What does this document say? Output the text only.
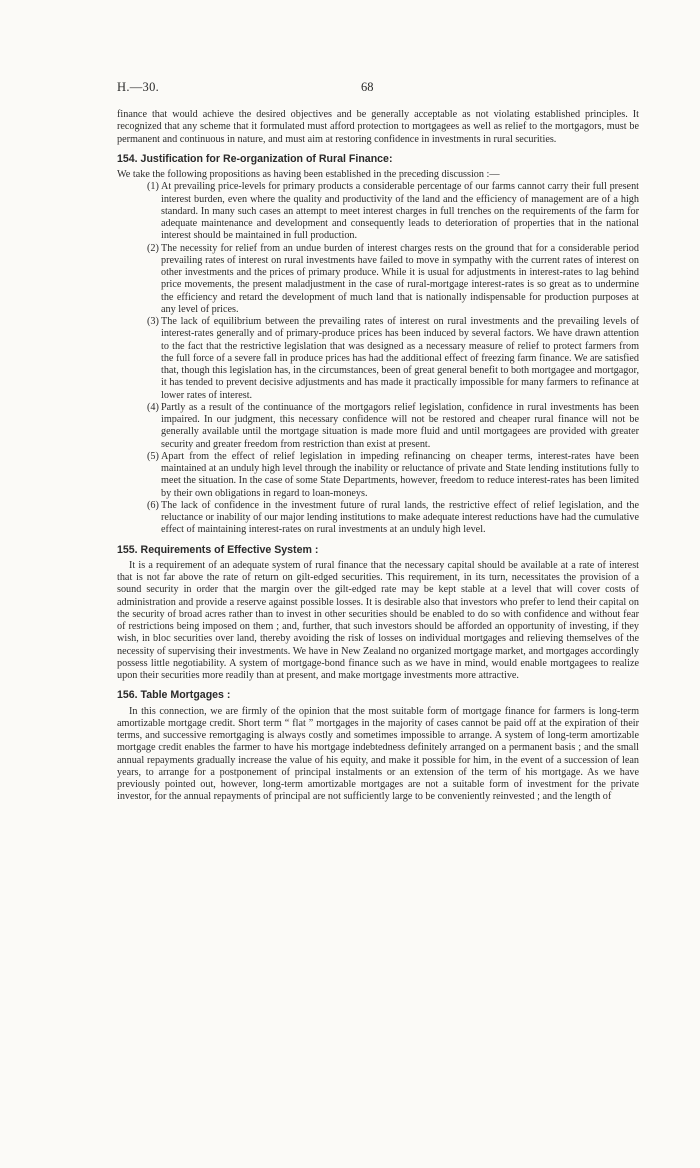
H.—30.	68

finance that would achieve the desired objectives and be generally acceptable as not violating established principles. It recognized that any scheme that it formulated must afford protection to mortgagees as well as relief to the mortgagors, must be permanent and continuous in nature, and must aim at restoring confidence in investments in rural securities.

154. Justification for Re-organization of Rural Finance:

We take the following propositions as having been established in the preceding discussion :—

(1) At prevailing price-levels for primary products a considerable percentage of our farms cannot carry their full present interest burden, even where the quality and productivity of the land and the efficiency of management are of a high standard. In many such cases an attempt to meet interest charges in full trenches on the requirements of the farm for adequate maintenance and development and consequently leads to deterioration of properties that in the national interest should be maintained in full production.
(2) The necessity for relief from an undue burden of interest charges rests on the ground that for a considerable period prevailing rates of interest on rural investments have failed to move in sympathy with the current rates of interest on other investments and the prices of primary produce. While it is usual for adjustments in interest-rates to lag behind price movements, the present maladjustment in the case of rural-mortgage interest-rates is so great as to undermine the efficiency and retard the development of much land that is nationally indispensable for production purposes at any level of prices.
(3) The lack of equilibrium between the prevailing rates of interest on rural investments and the prevailing levels of interest-rates generally and of primary-produce prices has been induced by several factors. We have drawn attention to the fact that the restrictive legislation that was designed as a necessary measure of relief to protect farmers from the full force of a severe fall in produce prices has had the additional effect of freezing farm finance. We are satisfied that, though this legislation has, in the circumstances, been of great general benefit to both mortgagee and mortgagor, it has tended to prevent decisive adjustments and has made it practically impossible for many farmers to refinance at lower rates of interest.
(4) Partly as a result of the continuance of the mortgagors relief legislation, confidence in rural investments has been impaired. In our judgment, this necessary confidence will not be restored and cheaper rural finance will not be generally available until the mortgage situation is made more fluid and until mortgagees are provided with greater security and greater freedom from restriction than exist at present.
(5) Apart from the effect of relief legislation in impeding refinancing on cheaper terms, interest-rates have been maintained at an unduly high level through the inability or reluctance of private and State lending institutions fully to meet the situation. In the case of some State Departments, however, freedom to reduce interest-rates has been limited by their own obligations in regard to loan-moneys.
(6) The lack of confidence in the investment future of rural lands, the restrictive effect of relief legislation, and the reluctance or inability of our major lending institutions to make adequate interest reductions have had the cumulative effect of maintaining interest-rates on rural investments at an unduly high level.
155. Requirements of Effective System :

It is a requirement of an adequate system of rural finance that the necessary capital should be available at a rate of interest that is not far above the rate of return on gilt-edged securities. This requirement, in its turn, necessitates the provision of a sound security in order that the margin over the gilt-edged rate may be kept stable at a level that will cover costs of administration and provide a reserve against possible losses. It is desirable also that investors who prefer to lend their capital on the security of broad acres rather than to invest in other securities should be enabled to do so with confidence and without fear of restrictions being imposed on them ; and, further, that such investors should be afforded an opportunity of investing, if they wish, in bloc securities over land, thereby avoiding the risk of losses on individual mortgages and relieving themselves of the necessity of supervising their investments. We have in New Zealand no organized mortgage market, and mortgages accordingly possess little negotiability. A system of mortgage-bond finance such as we have in mind, would enable mortgagees to realize upon their securities more readily than at present, and make mortgage investments more attractive.

156. Table Mortgages :

In this connection, we are firmly of the opinion that the most suitable form of mortgage finance for farmers is long-term amortizable mortgage credit. Short term “ flat ” mortgages in the majority of cases cannot be paid off at the expiration of their terms, and successive remortgaging is always costly and sometimes impossible to arrange. A system of long-term amortizable mortgage credit enables the farmer to have his mortgage indebtedness definitely arranged on a permanent basis ; and the small annual repayments gradually increase the value of his equity, and make it possible for him, in the event of a succession of lean years, to arrange for a postponement of principal instalments or an extension of the term of his mortgage. As we have previously pointed out, however, long-term amortizable mortgages are not a suitable form of investment for the private investor, for the annual repayments of principal are not sufficiently large to be conveniently reinvested ; and the length of
